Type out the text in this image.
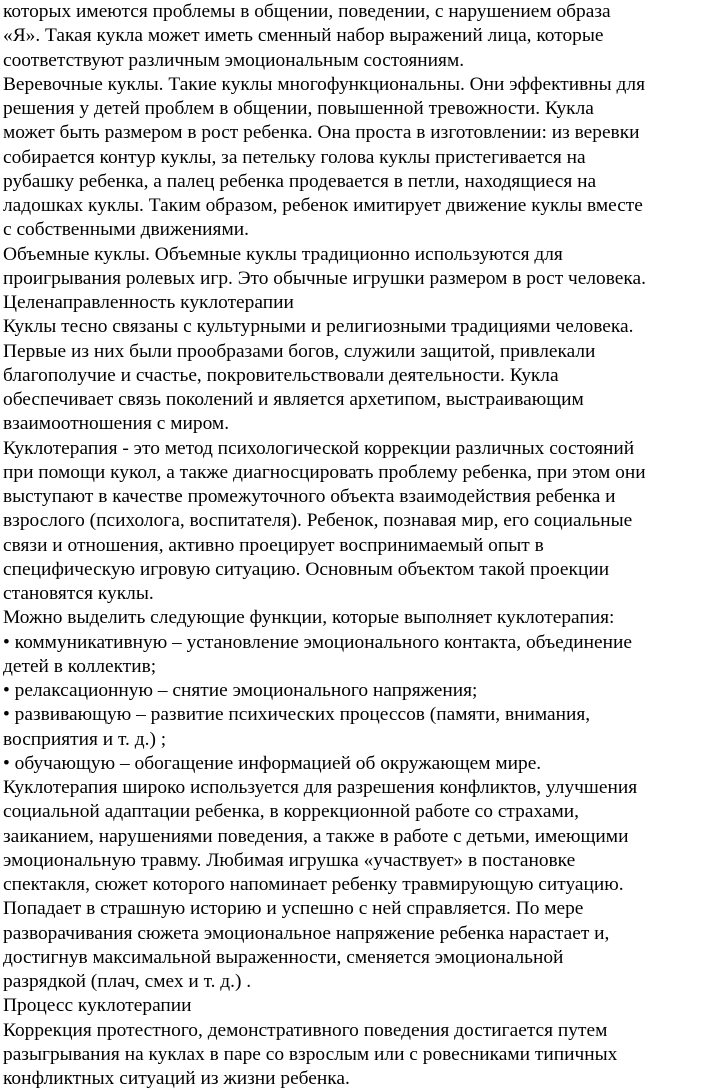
которых имеются проблемы в общении, поведении, с нарушением образа
«Я». Такая кукла может иметь сменный набор выражений лица, которые
соответствуют различным эмоциональным состояниям.
Веревочные куклы. Такие куклы многофункциональны. Они эффективны для
решения у детей проблем в общении, повышенной тревожности. Кукла
может быть размером в рост ребенка. Она проста в изготовлении: из веревки
собирается контур куклы, за петельку голова куклы пристегивается на
рубашку ребенка, а палец ребенка продевается в петли, находящиеся на
ладошках куклы. Таким образом, ребенок имитирует движение куклы вместе
с собственными движениями.
Объемные куклы. Объемные куклы традиционно используются для
проигрывания ролевых игр. Это обычные игрушки размером в рост человека.
Целенаправленность куклотерапии
Куклы тесно связаны с культурными и религиозными традициями человека.
Первые из них были прообразами богов, служили защитой, привлекали
благополучие и счастье, покровительствовали деятельности. Кукла
обеспечивает связь поколений и является архетипом, выстраивающим
взаимоотношения с миром.
Куклотерапия - это метод психологической коррекции различных состояний
при помощи кукол, а также диагносцировать проблему ребенка, при этом они
выступают в качестве промежуточного объекта взаимодействия ребенка и
взрослого (психолога, воспитателя). Ребенок, познавая мир, его социальные
связи и отношения, активно проецирует воспринимаемый опыт в
специфическую игровую ситуацию. Основным объектом такой проекции
становятся куклы.
Можно выделить следующие функции, которые выполняет куклотерапия:
• коммуникативную – установление эмоционального контакта, объединение
детей в коллектив;
• релаксационную – снятие эмоционального напряжения;
• развивающую – развитие психических процессов (памяти, внимания,
восприятия и т. д.) ;
• обучающую – обогащение информацией об окружающем мире.
Куклотерапия широко используется для разрешения конфликтов, улучшения
социальной адаптации ребенка, в коррекционной работе со страхами,
заиканием, нарушениями поведения, а также в работе с детьми, имеющими
эмоциональную травму. Любимая игрушка «участвует» в постановке
спектакля, сюжет которого напоминает ребенку травмирующую ситуацию.
Попадает в страшную историю и успешно с ней справляется. По мере
разворачивания сюжета эмоциональное напряжение ребенка нарастает и,
достигнув максимальной выраженности, сменяется эмоциональной
разрядкой (плач, смех и т. д.) .
Процесс куклотерапии
Коррекция протестного, демонстративного поведения достигается путем
разыгрывания на куклах в паре со взрослым или с ровесниками типичных
конфликтных ситуаций из жизни ребенка.
